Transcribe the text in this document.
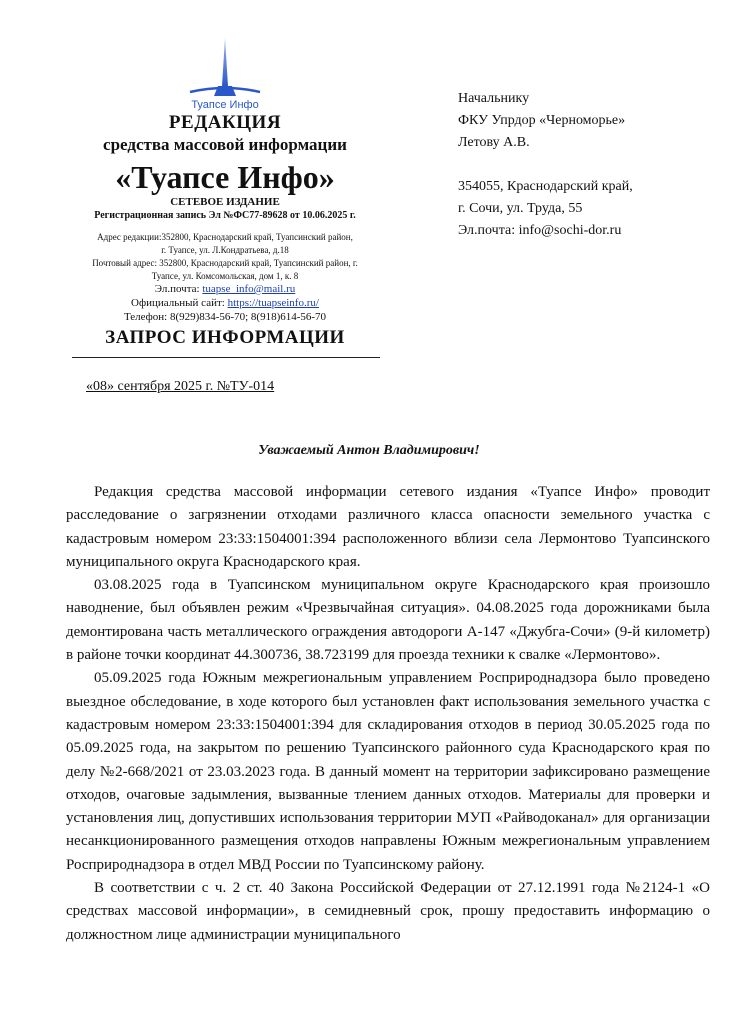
Туапсе Инфо
РЕДАКЦИЯ
средства массовой информации
«Туапсе Инфо»
СЕТЕВОЕ ИЗДАНИЕ
Регистрационная запись Эл №ФС77-89628 от 10.06.2025 г.
Адрес редакции:352800, Краснодарский край, Туапсинский район,
г. Туапсе, ул. Л.Кондратьева, д.18
Почтовый адрес: 352800, Краснодарский край, Туапсинский район, г.
Туапсе, ул. Комсомольская, дом 1, к. 8
Эл.почта: tuapse_info@mail.ru
Официальный сайт: https://tuapseinfo.ru/
Телефон: 8(929)834-56-70; 8(918)614-56-70
ЗАПРОС ИНФОРМАЦИИ
Начальнику
ФКУ Упрдор «Черноморье»
Летову А.В.
354055, Краснодарский край,
г. Сочи, ул. Труда, 55
Эл.почта: info@sochi-dor.ru
«08» сентября 2025 г. №ТУ-014
Уважаемый Антон Владимирович!

Редакция средства массовой информации сетевого издания «Туапсе Инфо» проводит расследование о загрязнении отходами различного класса опасности земельного участка с кадастровым номером 23:33:1504001:394 расположенного вблизи села Лермонтово Туапсинского муниципального округа Краснодарского края.

03.08.2025 года в Туапсинском муниципальном округе Краснодарского края произошло наводнение, был объявлен режим «Чрезвычайная ситуация». 04.08.2025 года дорожниками была демонтирована часть металлического ограждения автодороги А-147 «Джубга-Сочи» (9-й километр) в районе точки координат 44.300736, 38.723199 для проезда техники к свалке «Лермонтово».

05.09.2025 года Южным межрегиональным управлением Росприроднадзора было проведено выездное обследование, в ходе которого был установлен факт использования земельного участка с кадастровым номером 23:33:1504001:394 для складирования отходов в период 30.05.2025 года по 05.09.2025 года, на закрытом по решению Туапсинского районного суда Краснодарского края по делу №2-668/2021 от 23.03.2023 года. В данный момент на территории зафиксировано размещение отходов, очаговые задымления, вызванные тлением данных отходов. Материалы для проверки и установления лиц, допустивших использования территории МУП «Райводоканал» для организации несанкционированного размещения отходов направлены Южным межрегиональным управлением Росприроднадзора в отдел МВД России по Туапсинскому району.

В соответствии с ч. 2 ст. 40 Закона Российской Федерации от 27.12.1991 года №2124-1 «О средствах массовой информации», в семидневный срок, прошу предоставить информацию о должностном лице администрации муниципального
